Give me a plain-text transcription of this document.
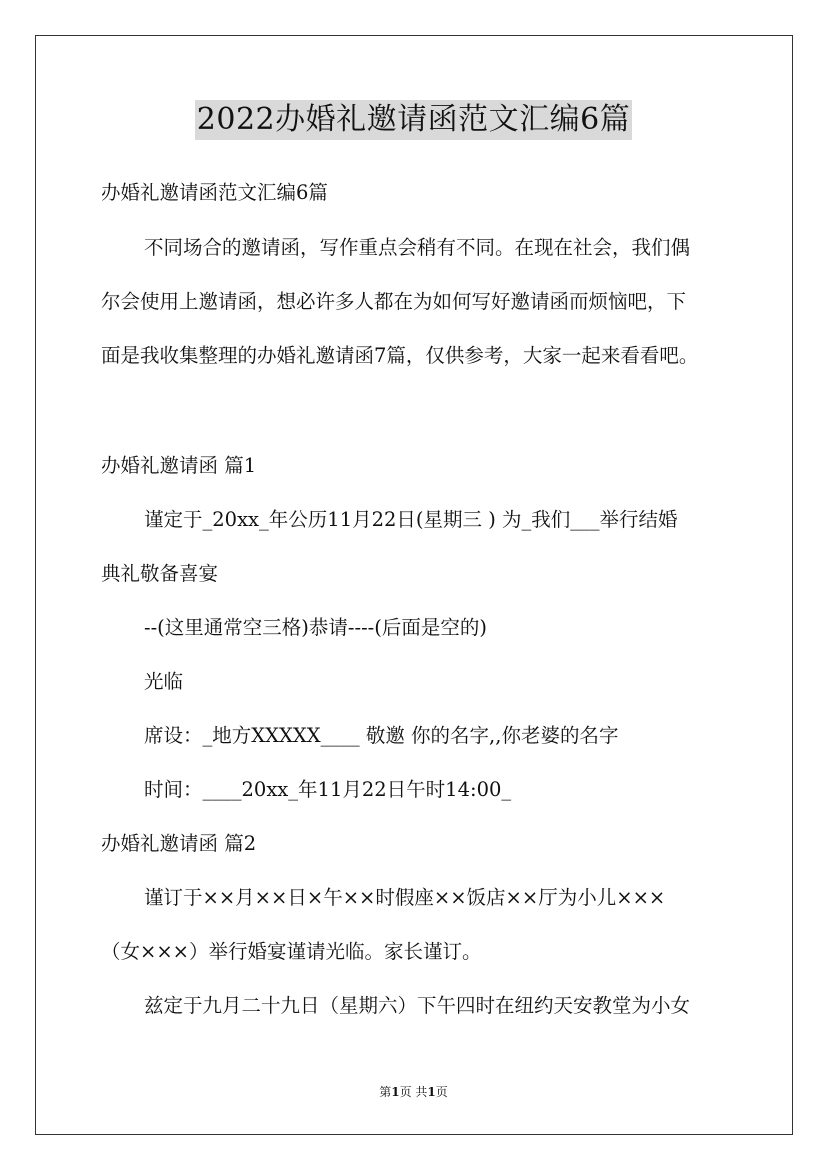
2022办婚礼邀请函范文汇编6篇
办婚礼邀请函范文汇编6篇
不同场合的邀请函，写作重点会稍有不同。在现在社会，我们偶
尔会使用上邀请函，想必许多人都在为如何写好邀请函而烦恼吧，下
面是我收集整理的办婚礼邀请函7篇，仅供参考，大家一起来看看吧。
办婚礼邀请函 篇1
谨定于_20xx_年公历11月22日(星期三 ) 为_我们___举行结婚
典礼敬备喜宴
--(这里通常空三格)恭请----(后面是空的)
光临
席设：_地方XXXXX____ 敬邀 你的名字,,你老婆的名字
时间：____20xx_年11月22日午时14:00_
办婚礼邀请函 篇2
谨订于××月××日×午××时假座××饭店××厅为小儿×××
（女×××）举行婚宴谨请光临。家长谨订。
兹定于九月二十九日（星期六）下午四时在纽约天安教堂为小女
第1页 共1页
